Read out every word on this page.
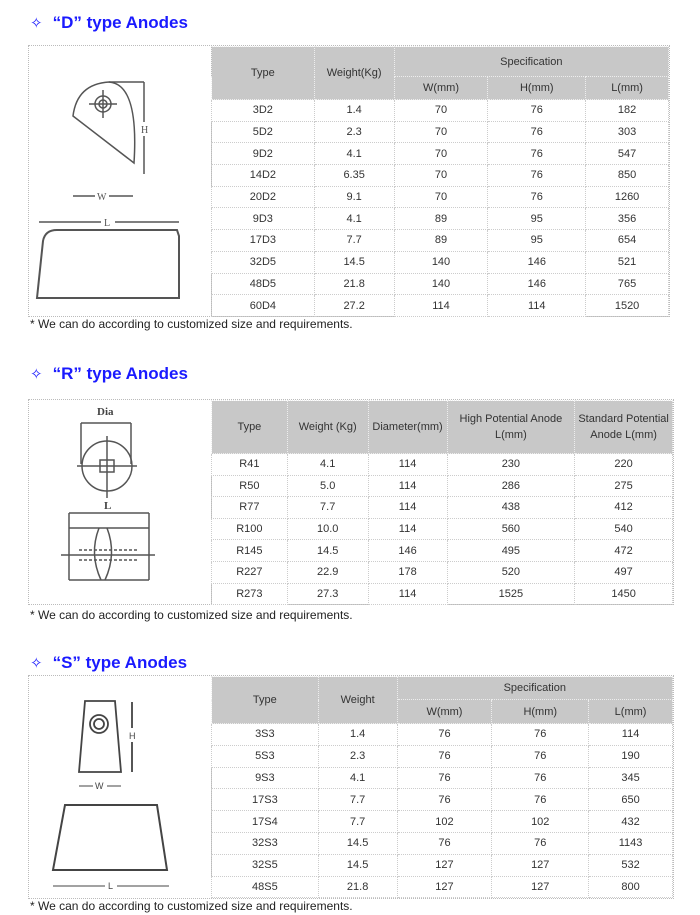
✧ “D” type Anodes
H
W
L
Type	Weight(Kg)	Specification		
		W(mm)	H(mm)	L(mm)
3D2	1.4	70	76	182
5D2	2.3	70	76	303
9D2	4.1	70	76	547
14D2	6.35	70	76	850
20D2	9.1	70	76	1260
9D3	4.1	89	95	356
17D3	7.7	89	95	654
32D5	14.5	140	146	521
48D5	21.8	140	146	765
60D4	27.2	114	114	1520
* We can do according to customized size and requirements.
✧ “R” type Anodes
Dia
L
Type	Weight (Kg)	Diameter(mm)	High Potential Anode L(mm)	Standard Potential Anode L(mm)
R41	4.1	114	230	220
R50	5.0	114	286	275
R77	7.7	114	438	412
R100	10.0	114	560	540
R145	14.5	146	495	472
R227	22.9	178	520	497
R273	27.3	114	1525	1450
* We can do according to customized size and requirements.
✧ “S” type Anodes
H
W
L
Type	Weight	Specification		
		W(mm)	H(mm)	L(mm)
3S3	1.4	76	76	114
5S3	2.3	76	76	190
9S3	4.1	76	76	345
17S3	7.7	76	76	650
17S4	7.7	102	102	432
32S3	14.5	76	76	1143
32S5	14.5	127	127	532
48S5	21.8	127	127	800
* We can do according to customized size and requirements.
